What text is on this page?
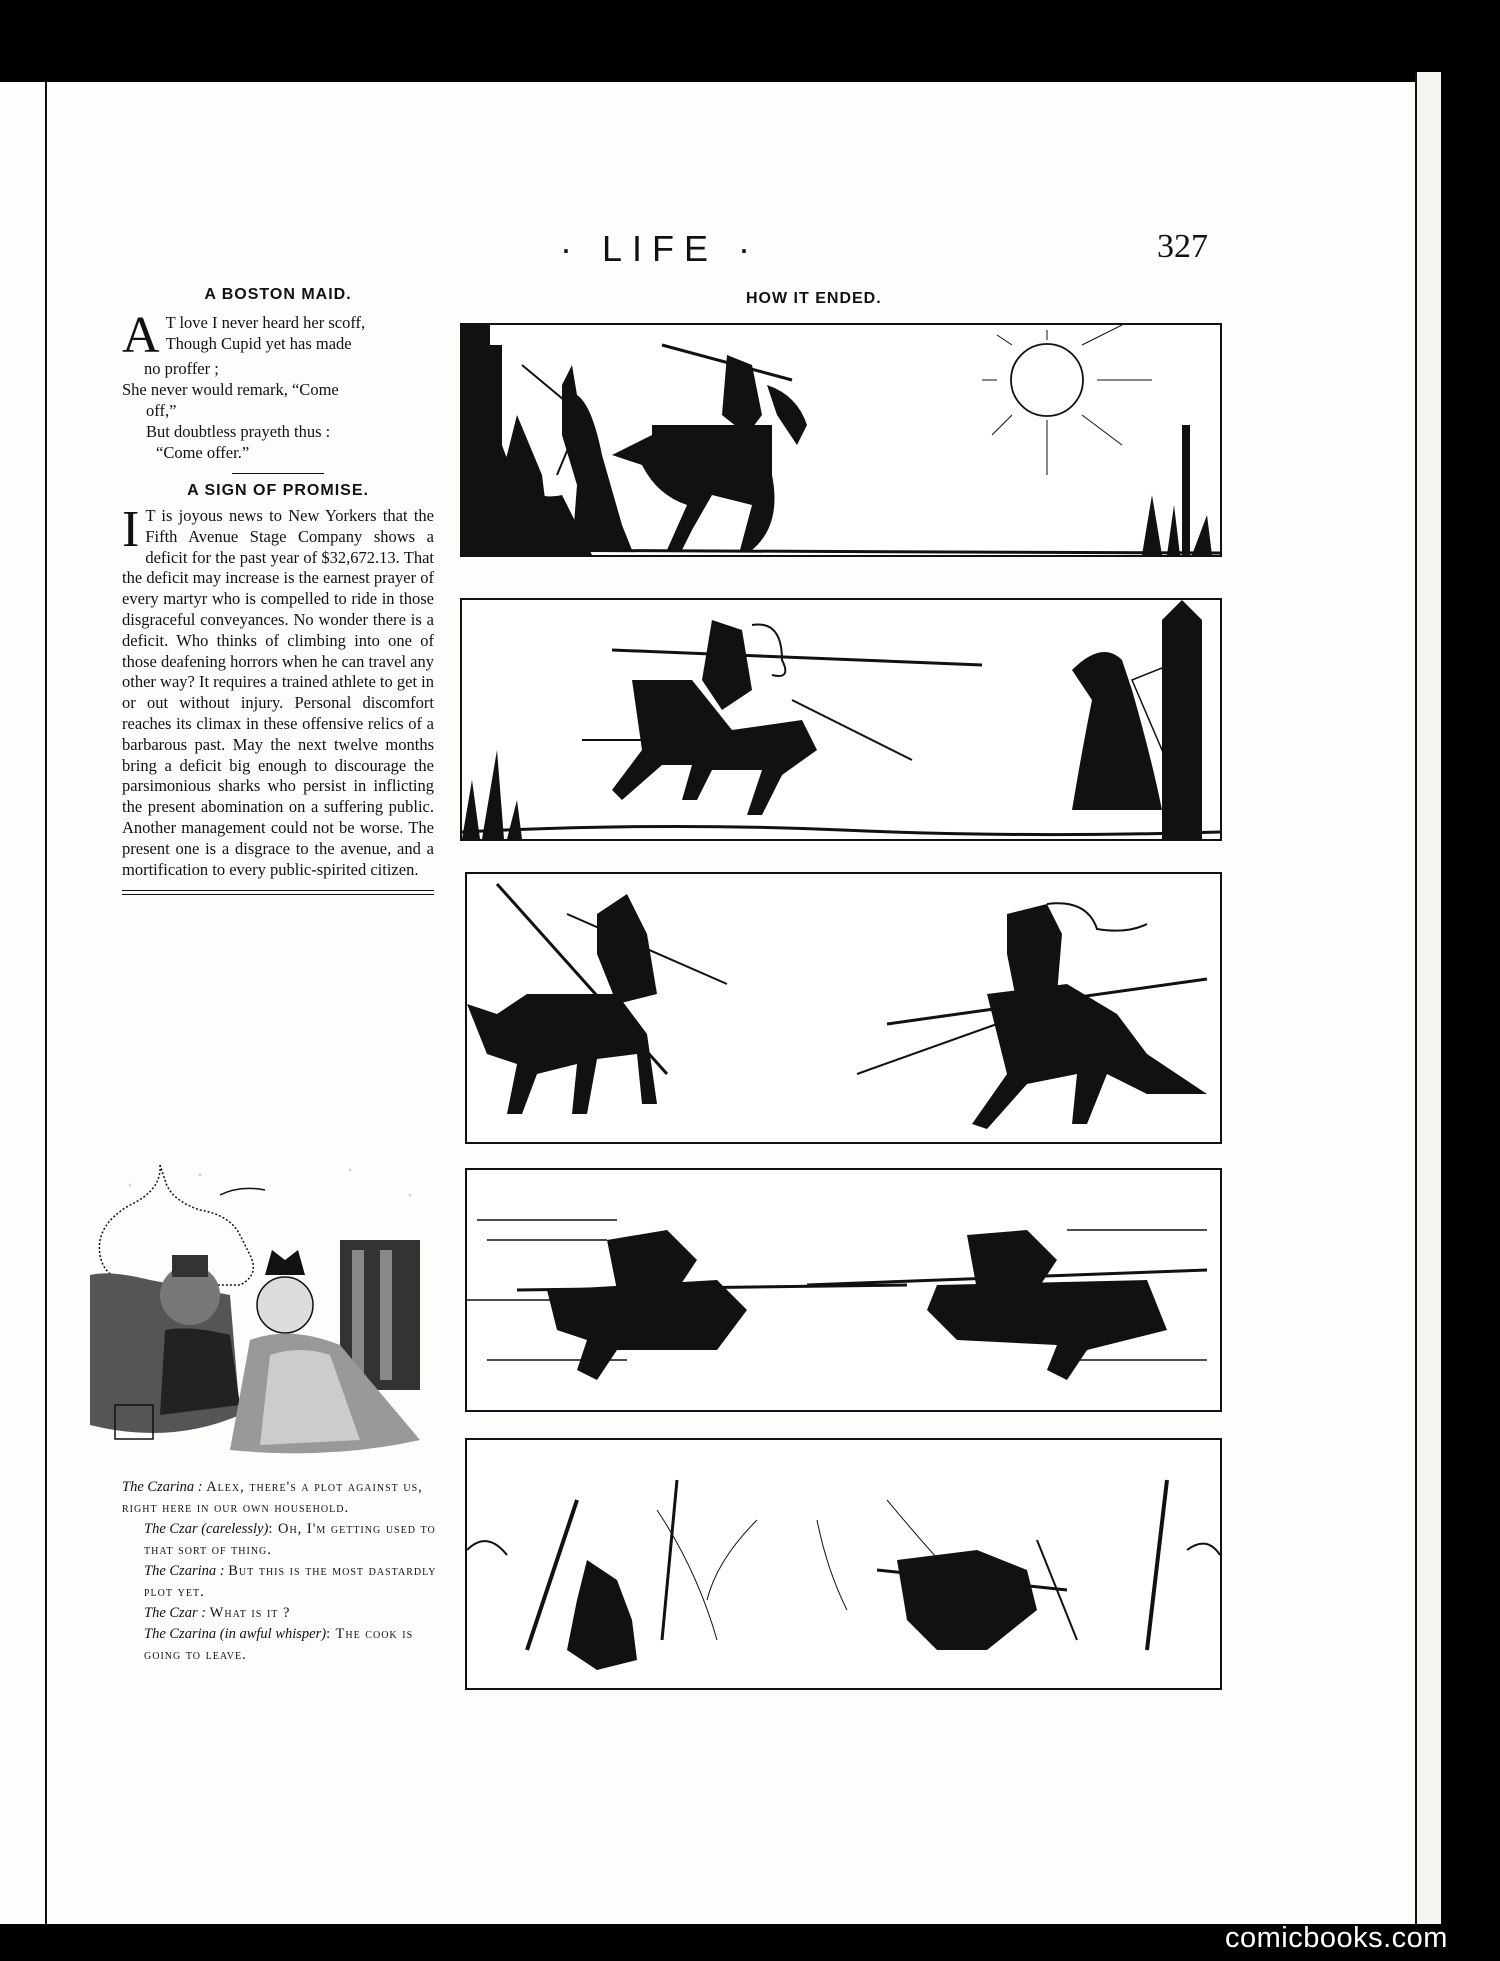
· LIFE ·	327
A BOSTON MAID.
A T love I never heard her scoff,

Though Cupid yet has made

no proffer ;

She never would remark, “Come

off,”

But doubtless prayeth thus :

“Come offer.”

A SIGN OF PROMISE.
I T is joyous news to New Yorkers that the Fifth Avenue Stage Company shows a deficit for the past year of $32,672.13. That the deficit may increase is the earnest prayer of every martyr who is compelled to ride in those disgraceful conveyances. No wonder there is a deficit. Who thinks of climbing into one of those deafening horrors when he can travel any other way? It requires a trained athlete to get in or out without injury. Personal discomfort reaches its climax in these offensive relics of a barbarous past. May the next twelve months bring a deficit big enough to discourage the parsimonious sharks who persist in inflicting the present abomination on a suffering public. Another management could not be worse. The present one is a disgrace to the avenue, and a mortification to every public-spirited citizen.

The Czarina : Alex, there's a plot against us, right here in our own household.

The Czar (carelessly): Oh, I'm getting used to that sort of thing.

The Czarina : But this is the most dastardly plot yet.

The Czar : What is it ?

The Czarina (in awful whisper): The cook is going to leave.

HOW IT ENDED.
comicbooks.com
